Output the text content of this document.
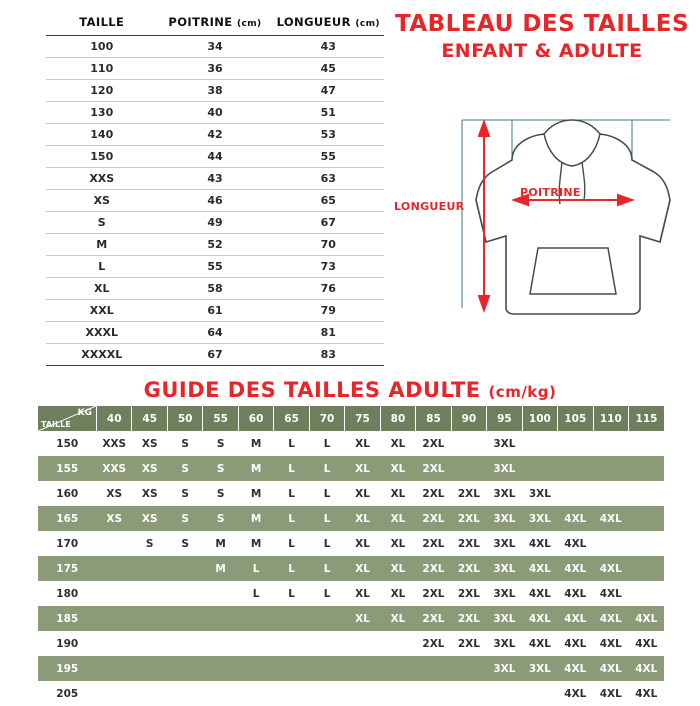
TAILLE	POITRINE (cm)	LONGUEUR (cm)
100	34	43
110	36	45
120	38	47
130	40	51
140	42	53
150	44	55
XXS	43	63
XS	46	65
S	49	67
M	52	70
L	55	73
XL	58	76
XXL	61	79
XXXL	64	81
XXXXL	67	83
TABLEAU DES TAILLES
ENFANT & ADULTE
LONGUEUR
POITRINE
GUIDE DES TAILLES ADULTE (cm/kg)
KG
TAILLE	40	45	50	55	60	65	70	75	80	85	90	95	100	105	110	115
150	XXS	XS	S	S	M	L	L	XL	XL	2XL		3XL				
155	XXS	XS	S	S	M	L	L	XL	XL	2XL		3XL				
160	XS	XS	S	S	M	L	L	XL	XL	2XL	2XL	3XL	3XL			
165	XS	XS	S	S	M	L	L	XL	XL	2XL	2XL	3XL	3XL	4XL	4XL	
170		S	S	M	M	L	L	XL	XL	2XL	2XL	3XL	4XL	4XL		
175				M	L	L	L	XL	XL	2XL	2XL	3XL	4XL	4XL	4XL	
180					L	L	L	XL	XL	2XL	2XL	3XL	4XL	4XL	4XL	
185								XL	XL	2XL	2XL	3XL	4XL	4XL	4XL	4XL
190										2XL	2XL	3XL	4XL	4XL	4XL	4XL
195												3XL	3XL	4XL	4XL	4XL
205														4XL	4XL	4XL
